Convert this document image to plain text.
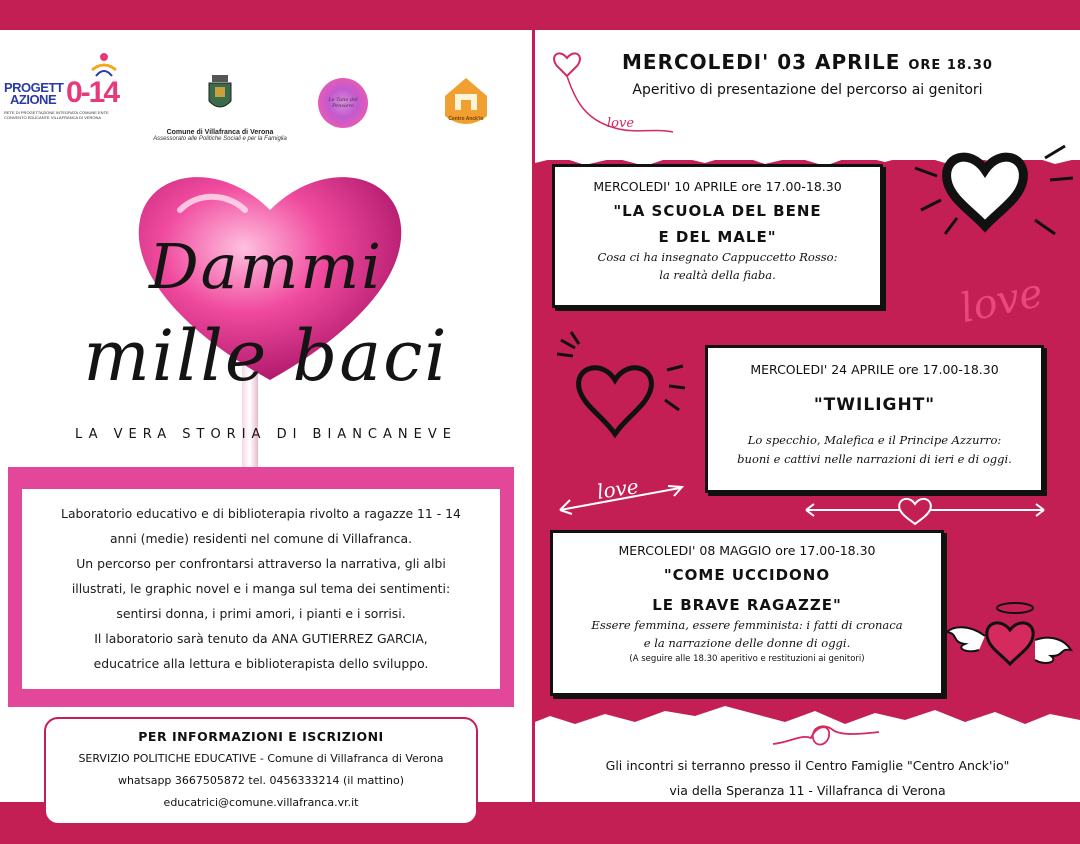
PROGETT
AZIONE 0-14
RETE DI PROGETTAZIONE INTEGRATA COMUNE ENTE CONVENTO EDUCANTE VILLAFRANCA DI VERONA
Comune di Villafranca di Verona
Assessorato alle Politiche Sociali e per la Famiglia
Le Tane del Pensiero
Centro Anck'io
Dammi
mille baci
LA VERA STORIA DI BIANCANEVE
Laboratorio educativo e di biblioterapia rivolto a ragazze 11 - 14
anni (medie) residenti nel comune di Villafranca.
Un percorso per confrontarsi attraverso la narrativa, gli albi
illustrati, le graphic novel e i manga sul tema dei sentimenti:
sentirsi donna, i primi amori, i pianti e i sorrisi.
Il laboratorio sarà tenuto da ANA GUTIERREZ GARCIA,
educatrice alla lettura e biblioterapista dello sviluppo.
PER INFORMAZIONI E ISCRIZIONI
SERVIZIO POLITICHE EDUCATIVE - Comune di Villafranca di Verona
whatsapp 3667505872 tel. 0456333214 (il mattino)
educatrici@comune.villafranca.vr.it
MERCOLEDI' 03 APRILE ORE 18.30
Aperitivo di presentazione del percorso ai genitori
love
love
love
MERCOLEDI' 10 APRILE ore 17.00-18.30
"LA SCUOLA DEL BENE
E DEL MALE"
Cosa ci ha insegnato Cappuccetto Rosso:
la realtà della fiaba.
MERCOLEDI' 24 APRILE ore 17.00-18.30
"TWILIGHT"
Lo specchio, Malefica e il Principe Azzurro:
buoni e cattivi nelle narrazioni di ieri e di oggi.
MERCOLEDI' 08 MAGGIO ore 17.00-18.30
"COME UCCIDONO
LE BRAVE RAGAZZE"
Essere femmina, essere femminista: i fatti di cronaca
e la narrazione delle donne di oggi.
(A seguire alle 18.30 aperitivo e restituzioni ai genitori)
Gli incontri si terranno presso il Centro Famiglie "Centro Anck'io"
via della Speranza 11 - Villafranca di Verona
